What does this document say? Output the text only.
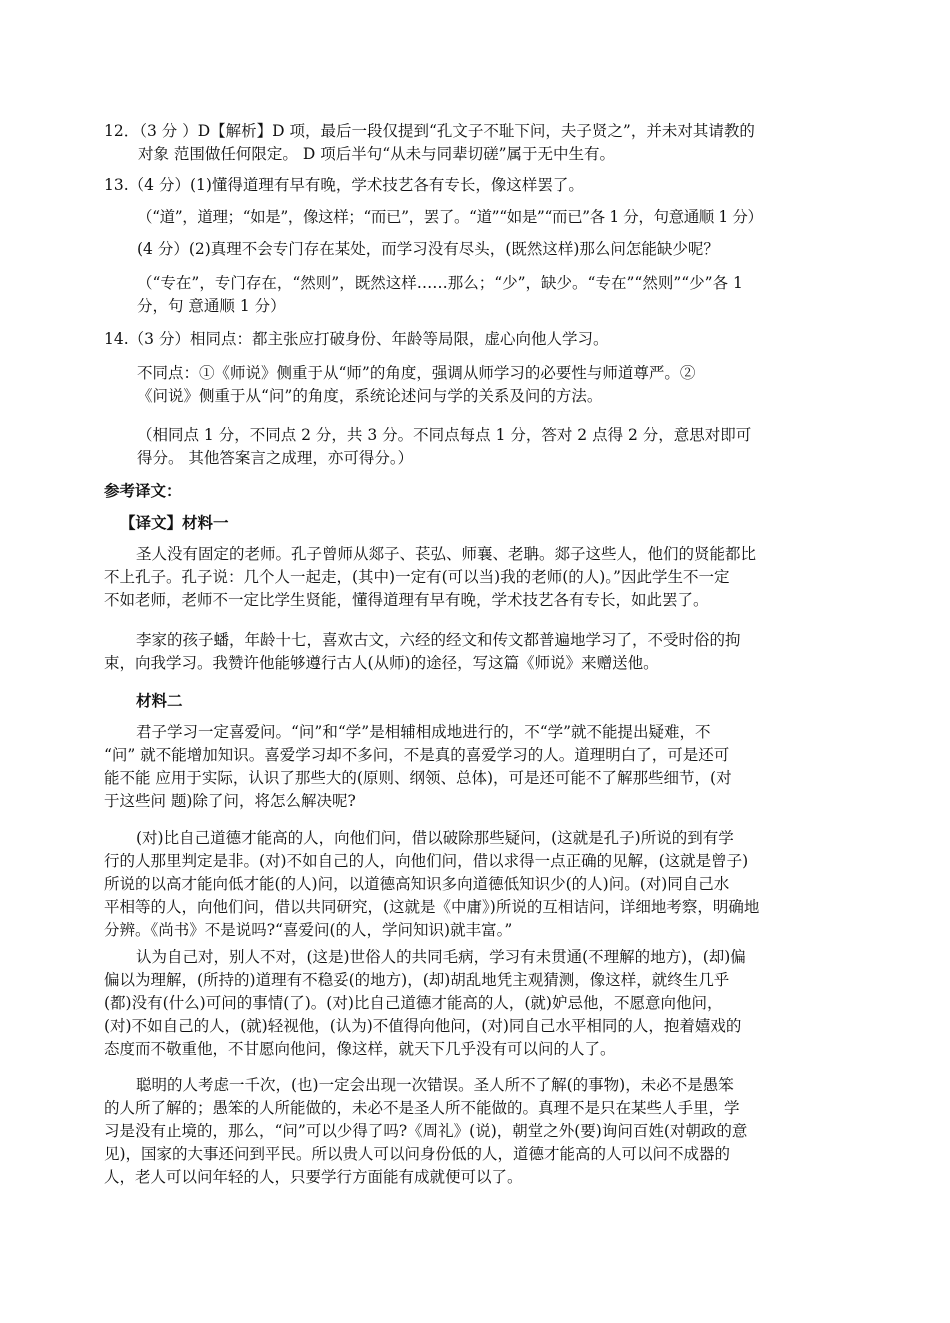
12．（3 分 ）D【解析】D 项，最后一段仅提到“孔文子不耻下问，夫子贤之”，并未对其请教的
对象 范围做任何限定。 D 项后半句“从未与同辈切磋”属于无中生有。
13.（4 分）(1)懂得道理有早有晚，学术技艺各有专长，像这样罢了。
（“道”，道理；“如是”，像这样；“而已”，罢了。“道”“如是”“而已”各 1 分，句意通顺 1 分）
(4 分）(2)真理不会专门存在某处，而学习没有尽头，(既然这样)那么问怎能缺少呢？
（“专在”，专门存在，“然则”，既然这样……那么；“少”，缺少。“专在”“然则”“少”各 1
分，句 意通顺 1 分）
14.（3 分）相同点：都主张应打破身份、年龄等局限，虚心向他人学习。
不同点：①《师说》侧重于从“师”的角度，强调从师学习的必要性与师道尊严。②
《问说》侧重于从“问”的角度，系统论述问与学的关系及问的方法。
（相同点 1 分，不同点 2 分，共 3 分。不同点每点 1 分，答对 2 点得 2 分，意思对即可
得分。 其他答案言之成理，亦可得分。）
参考译文：
【译文】材料一
圣人没有固定的老师。孔子曾师从郯子、苌弘、师襄、老聃。郯子这些人，他们的贤能都比
不上孔子。孔子说：几个人一起走，(其中)一定有(可以当)我的老师(的人)。”因此学生不一定
不如老师，老师不一定比学生贤能，懂得道理有早有晚，学术技艺各有专长，如此罢了。
李家的孩子蟠，年龄十七，喜欢古文，六经的经文和传文都普遍地学习了，不受时俗的拘
束，向我学习。我赞许他能够遵行古人(从师)的途径，写这篇《师说》来赠送他。
材料二
君子学习一定喜爱问。“问”和“学”是相辅相成地进行的，不“学”就不能提出疑难，不
“问” 就不能增加知识。喜爱学习却不多问，不是真的喜爱学习的人。道理明白了，可是还可
能不能 应用于实际，认识了那些大的(原则、纲领、总体)，可是还可能不了解那些细节，(对
于这些问 题)除了问，将怎么解决呢?
(对)比自己道德才能高的人，向他们问，借以破除那些疑问，(这就是孔子)所说的到有学
行的人那里判定是非。(对)不如自己的人，向他们问，借以求得一点正确的见解，(这就是曾子)
所说的以高才能向低才能(的人)问，以道德高知识多向道德低知识少(的人)问。(对)同自己水
平相等的人，向他们问，借以共同研究，(这就是《中庸》)所说的互相诘问，详细地考察，明确地
分辨。《尚书》不是说吗?“喜爱问(的人，学问知识)就丰富。”
认为自己对，别人不对，(这是)世俗人的共同毛病，学习有未贯通(不理解的地方)，(却)偏
偏以为理解，(所持的)道理有不稳妥(的地方)，(却)胡乱地凭主观猜测，像这样，就终生几乎
(都)没有(什么)可问的事情(了)。(对)比自己道德才能高的人，(就)妒忌他，不愿意向他问，
(对)不如自己的人，(就)轻视他，(认为)不值得向他问，(对)同自己水平相同的人，抱着嬉戏的
态度而不敬重他，不甘愿向他问，像这样，就天下几乎没有可以问的人了。
聪明的人考虑一千次，(也)一定会出现一次错误。圣人所不了解(的事物)，未必不是愚笨
的人所了解的；愚笨的人所能做的，未必不是圣人所不能做的。真理不是只在某些人手里，学
习是没有止境的，那么，“问”可以少得了吗?《周礼》(说)，朝堂之外(要)询问百姓(对朝政的意
见)，国家的大事还问到平民。所以贵人可以问身份低的人，道德才能高的人可以问不成器的
人，老人可以问年轻的人，只要学行方面能有成就便可以了。
